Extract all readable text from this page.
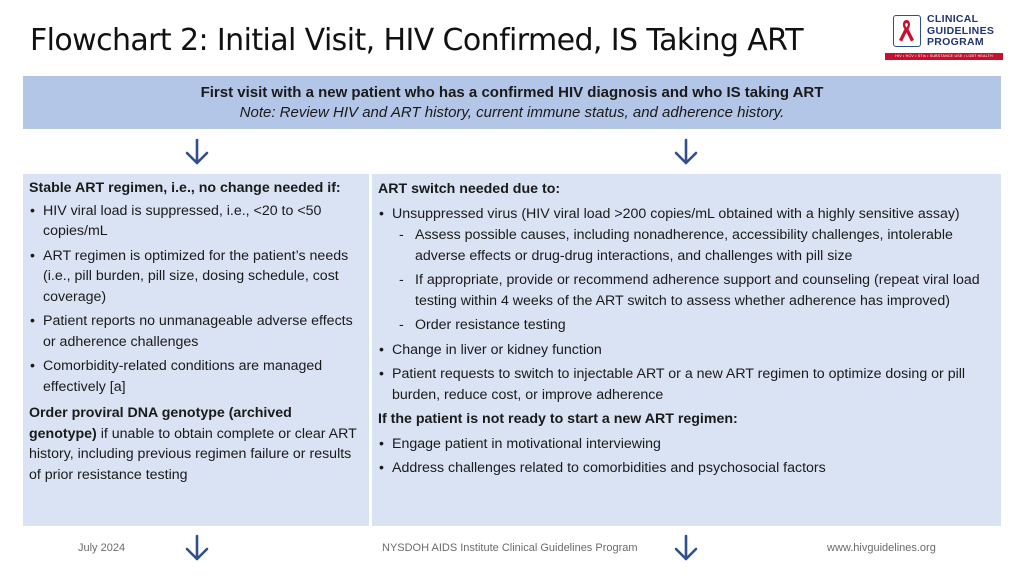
Flowchart 2: Initial Visit, HIV Confirmed, IS Taking ART
CLINICAL
GUIDELINES
PROGRAM
HIV • HCV • STIs • SUBSTANCE USE • LGBT HEALTH
First visit with a new patient who has a confirmed HIV diagnosis and who IS taking ART
Note: Review HIV and ART history, current immune status, and adherence history.
Stable ART regimen, i.e., no change needed if:
• HIV viral load is suppressed, i.e., <20 to <50 copies/mL
• ART regimen is optimized for the patient’s needs (i.e., pill burden, pill size, dosing schedule, cost coverage)
• Patient reports no unmanageable adverse effects or adherence challenges
• Comorbidity-related conditions are managed effectively [a]
Order proviral DNA genotype (archived genotype) if unable to obtain complete or clear ART history, including previous regimen failure or results of prior resistance testing
ART switch needed due to:
• Unsuppressed virus (HIV viral load >200 copies/mL obtained with a highly sensitive assay)
- Assess possible causes, including nonadherence, accessibility challenges, intolerable adverse effects or drug-drug interactions, and challenges with pill size
- If appropriate, provide or recommend adherence support and counseling (repeat viral load testing within 4 weeks of the ART switch to assess whether adherence has improved)
- Order resistance testing
• Change in liver or kidney function
• Patient requests to switch to injectable ART or a new ART regimen to optimize dosing or pill burden, reduce cost, or improve adherence
If the patient is not ready to start a new ART regimen:
• Engage patient in motivational interviewing
• Address challenges related to comorbidities and psychosocial factors
July 2024	NYSDOH AIDS Institute Clinical Guidelines Program	www.hivguidelines.org
